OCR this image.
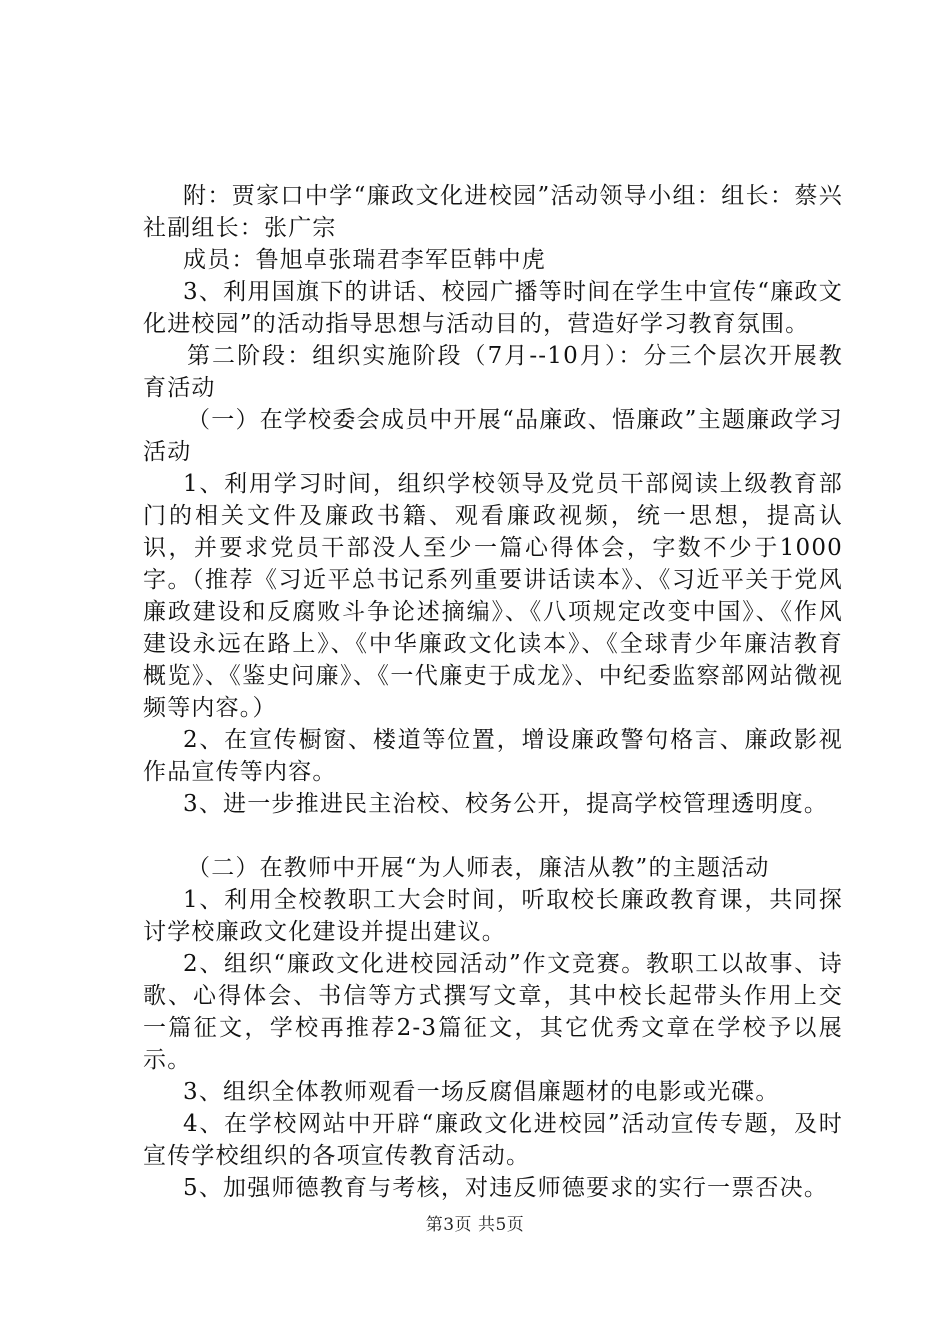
附：贾家口中学“廉政文化进校园”活动领导小组：组长：蔡兴社副组长：张广宗

成员：鲁旭卓张瑞君李军臣韩中虎

3、利用国旗下的讲话、校园广播等时间在学生中宣传“廉政文化进校园”的活动指导思想与活动目的，营造好学习教育氛围。

第二阶段：组织实施阶段（7月--10月）：分三个层次开展教育活动

（一）在学校委会成员中开展“品廉政、悟廉政”主题廉政学习活动

1、利用学习时间，组织学校领导及党员干部阅读上级教育部门的相关文件及廉政书籍、观看廉政视频，统一思想，提高认识，并要求党员干部没人至少一篇心得体会，字数不少于1000字。（推荐《习近平总书记系列重要讲话读本》、《习近平关于党风廉政建设和反腐败斗争论述摘编》、《八项规定改变中国》、《作风建设永远在路上》、《中华廉政文化读本》、《全球青少年廉洁教育概览》、《鉴史问廉》、《一代廉吏于成龙》、中纪委监察部网站微视频等内容。）

2、在宣传橱窗、楼道等位置，增设廉政警句格言、廉政影视作品宣传等内容。

3、进一步推进民主治校、校务公开，提高学校管理透明度。

（二）在教师中开展“为人师表，廉洁从教”的主题活动

1、利用全校教职工大会时间，听取校长廉政教育课，共同探讨学校廉政文化建设并提出建议。

2、组织“廉政文化进校园活动”作文竞赛。教职工以故事、诗歌、心得体会、书信等方式撰写文章，其中校长起带头作用上交一篇征文，学校再推荐2-3篇征文，其它优秀文章在学校予以展示。

3、组织全体教师观看一场反腐倡廉题材的电影或光碟。

4、在学校网站中开辟“廉政文化进校园”活动宣传专题，及时宣传学校组织的各项宣传教育活动。

5、加强师德教育与考核，对违反师德要求的实行一票否决。

第3页 共5页
